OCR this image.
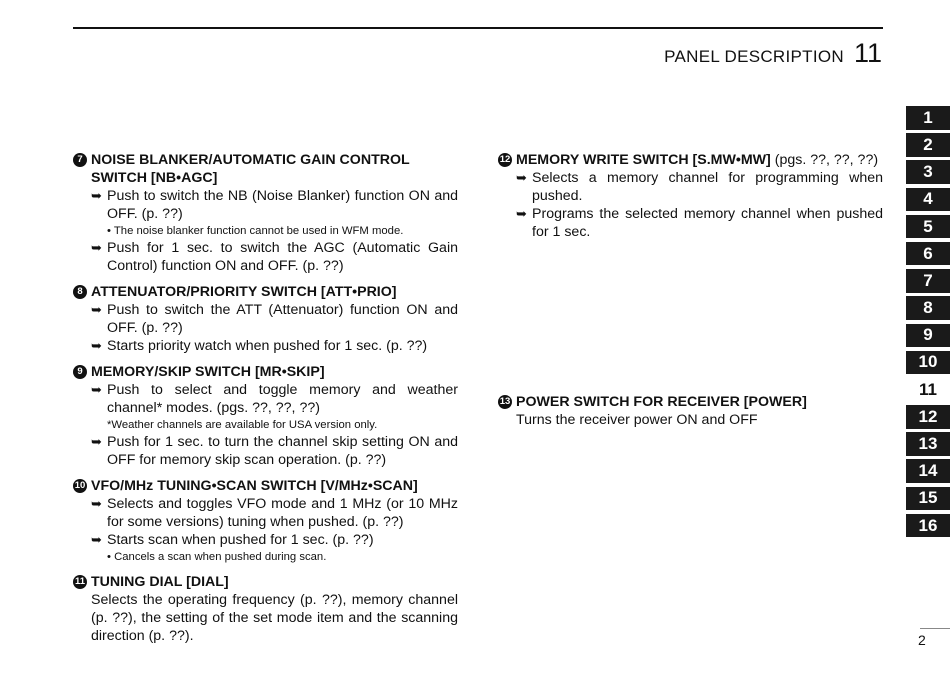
PANEL DESCRIPTION 11
7 NOISE BLANKER/AUTOMATIC GAIN CONTROL SWITCH [NB•AGC]
➥ Push to switch the NB (Noise Blanker) function ON and OFF. (p. ??)
• The noise blanker function cannot be used in WFM mode.
➥ Push for 1 sec. to switch the AGC (Automatic Gain Control) function ON and OFF. (p. ??)
8 ATTENUATOR/PRIORITY SWITCH [ATT•PRIO]
➥ Push to switch the ATT (Attenuator) function ON and OFF. (p. ??)
➥ Starts priority watch when pushed for 1 sec. (p. ??)
9 MEMORY/SKIP SWITCH [MR•SKIP]
➥ Push to select and toggle memory and weather channel* modes. (pgs. ??, ??, ??)
*Weather channels are available for USA version only.
➥ Push for 1 sec. to turn the channel skip setting ON and OFF for memory skip scan operation. (p. ??)
10 VFO/MHz TUNING•SCAN SWITCH [V/MHz•SCAN]
➥ Selects and toggles VFO mode and 1 MHz (or 10 MHz for some versions) tuning when pushed. (p. ??)
➥ Starts scan when pushed for 1 sec. (p. ??)
• Cancels a scan when pushed during scan.
11 TUNING DIAL [DIAL]
Selects the operating frequency (p. ??), memory channel (p. ??), the setting of the set mode item and the scanning direction (p. ??).
12 MEMORY WRITE SWITCH [S.MW•MW] (pgs. ??, ??, ??)
➥ Selects a memory channel for programming when pushed.
➥ Programs the selected memory channel when pushed for 1 sec.
13 POWER SWITCH FOR RECEIVER [POWER]
Turns the receiver power ON and OFF
1
2
3
4
5
6
7
8
9
10
11
12
13
14
15
16
2
